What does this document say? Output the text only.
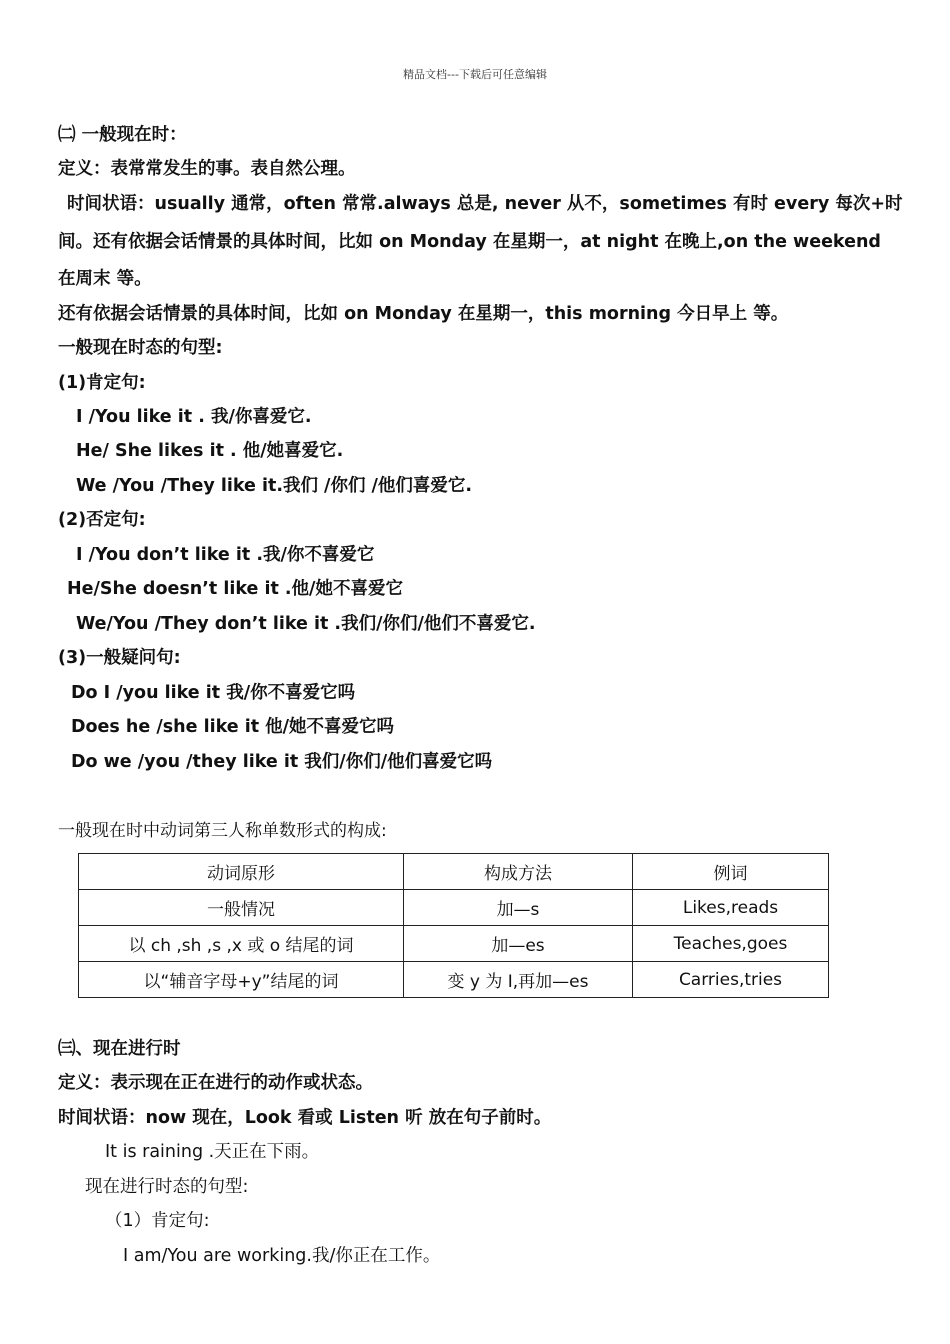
精品文档---下载后可任意编辑
㈡ 一般现在时：
定义：表常常发生的事。表自然公理。
时间状语：usually 通常，often 常常.always 总是, never 从不，sometimes 有时 every 每次+时
间。还有依据会话情景的具体时间，比如 on Monday 在星期一，at night 在晚上,on the weekend
在周末 等。
还有依据会话情景的具体时间，比如 on Monday 在星期一，this morning 今日早上 等。
一般现在时态的句型:
(1)肯定句:
I /You like it . 我/你喜爱它.
He/ She likes it . 他/她喜爱它.
We /You /They like it.我们 /你们 /他们喜爱它.
(2)否定句:
I /You don’t like it .我/你不喜爱它
He/She doesn’t like it .他/她不喜爱它
We/You /They don’t like it .我们/你们/他们不喜爱它.
(3)一般疑问句:
Do I /you like it 我/你不喜爱它吗
Does he /she like it 他/她不喜爱它吗
Do we /you /they like it 我们/你们/他们喜爱它吗
一般现在时中动词第三人称单数形式的构成:
动词原形	构成方法	例词
一般情况	加—s	Likes,reads
以 ch ,sh ,s ,x 或 o 结尾的词	加—es	Teaches,goes
以“辅音字母+y”结尾的词	变 y 为 I,再加—es	Carries,tries
㈢、现在进行时
定义：表示现在正在进行的动作或状态。
时间状语：now 现在，Look 看或 Listen 听 放在句子前时。
It is raining .天正在下雨。
现在进行时态的句型:
（1）肯定句:
I am/You are working.我/你正在工作。
